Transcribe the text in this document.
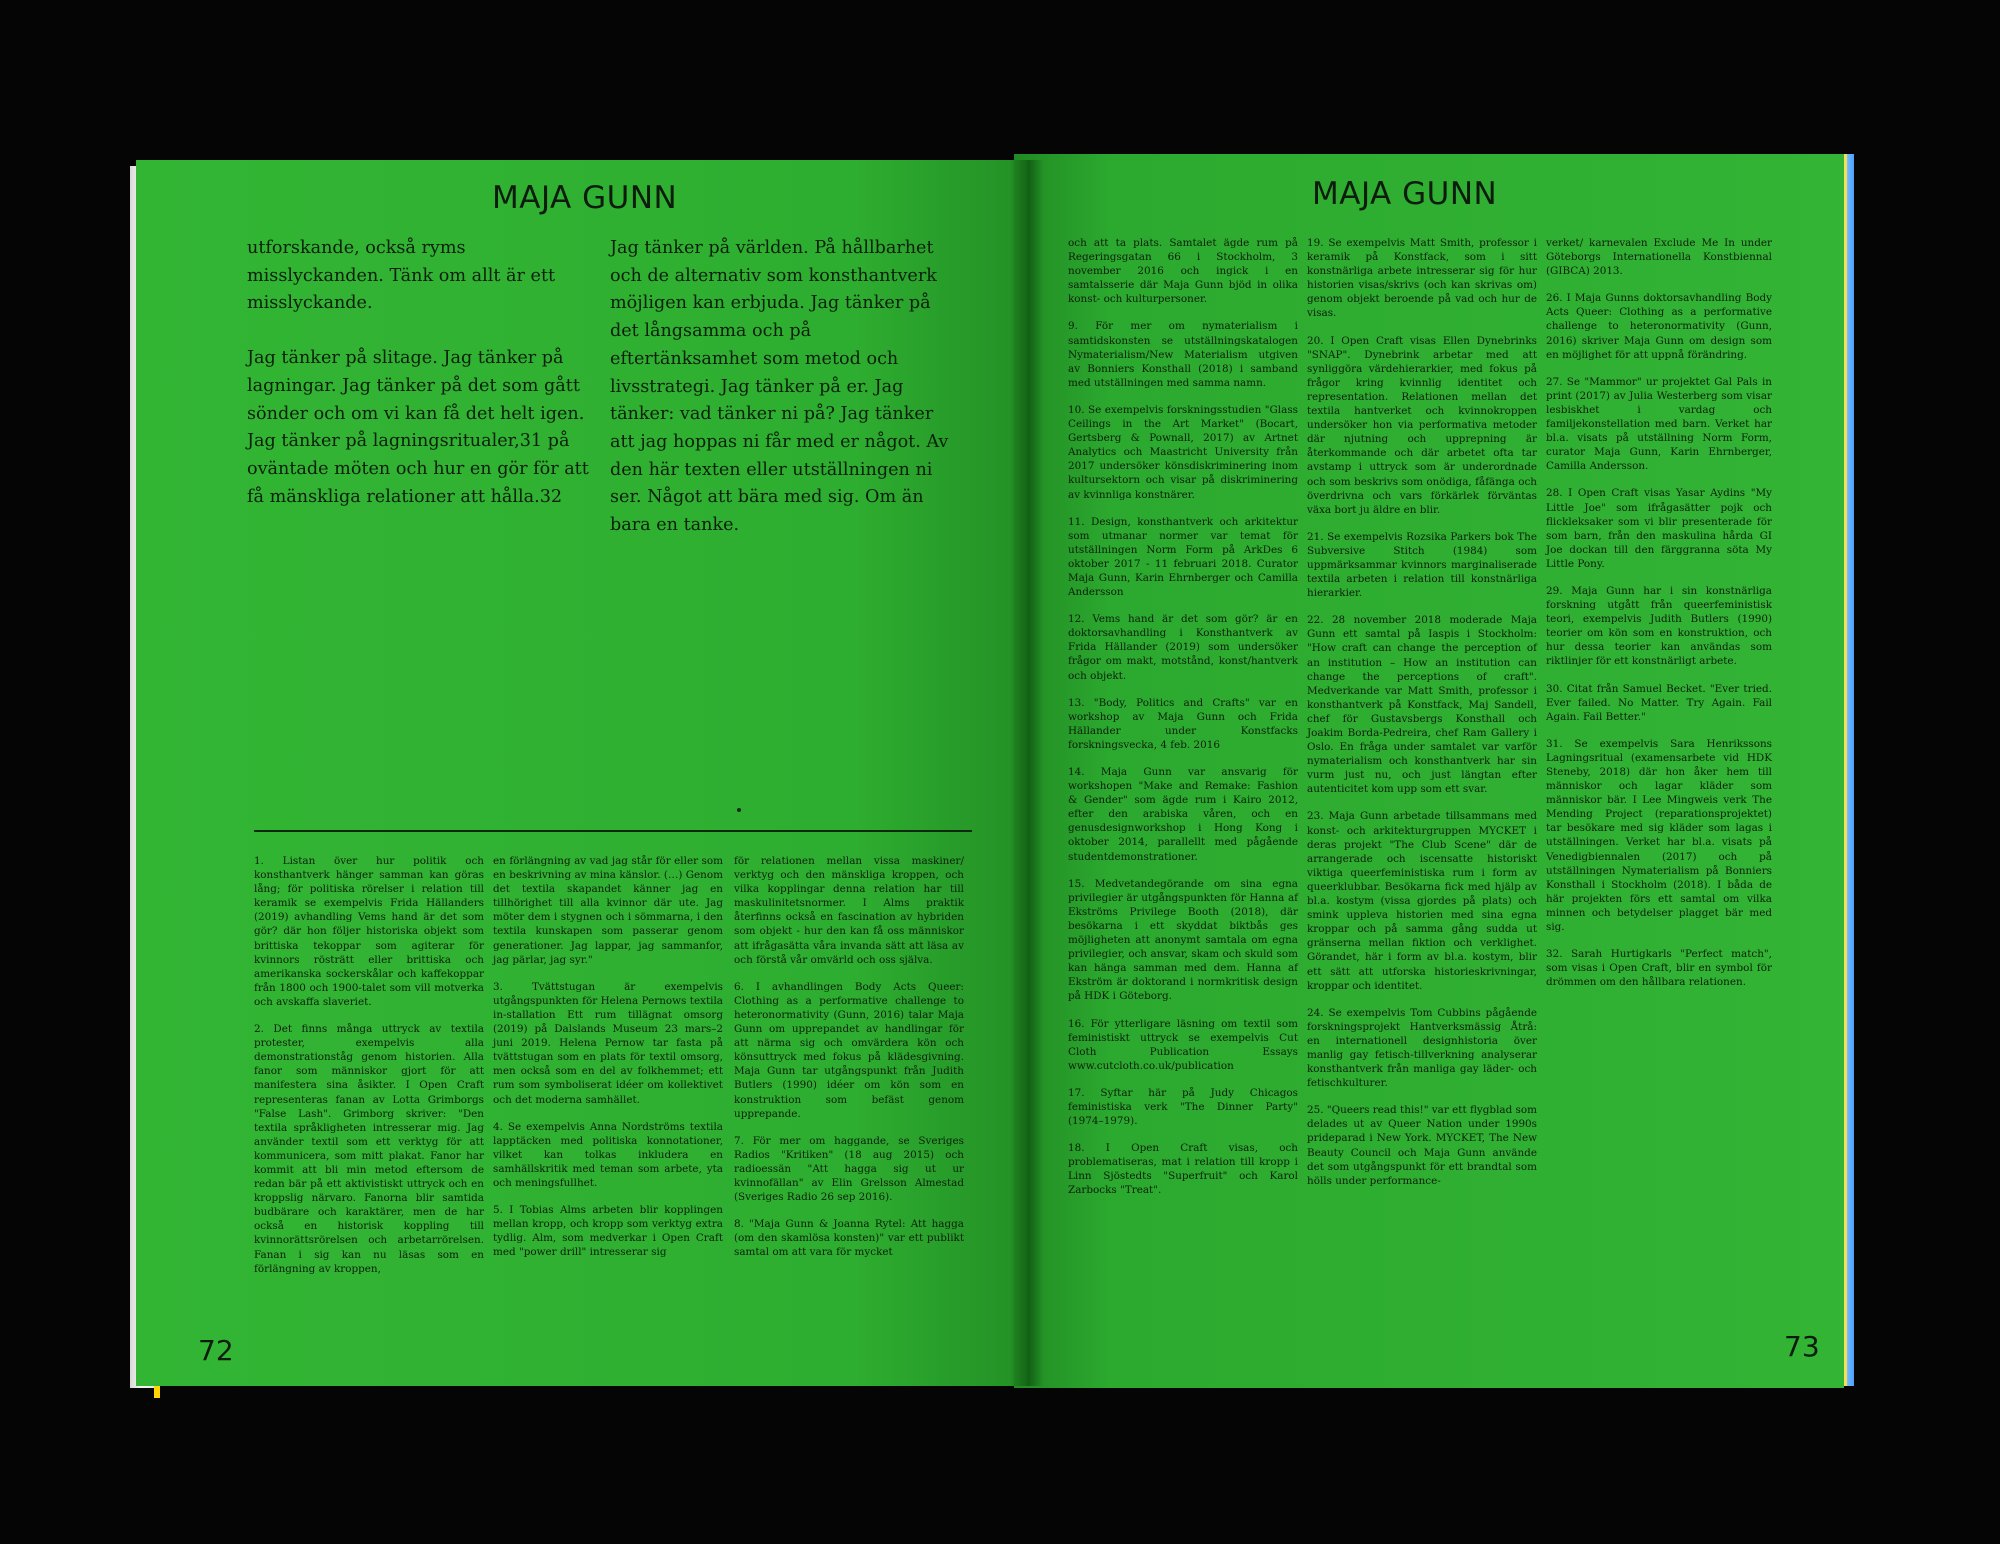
MAJA GUNN

utforskande, också ryms misslyckanden. Tänk om allt är ett misslyckande.

Jag tänker på slitage. Jag tänker på lagningar. Jag tänker på det som gått sönder och om vi kan få det helt igen. Jag tänker på lagningsritualer,31 på oväntade möten och hur en gör för att få mänskliga relationer att hålla.32

Jag tänker på världen. På hållbarhet och de alternativ som konsthantverk möjligen kan erbjuda. Jag tänker på det långsamma och på eftertänksamhet som metod och livsstrategi. Jag tänker på er. Jag tänker: vad tänker ni på? Jag tänker att jag hoppas ni får med er något. Av den här texten eller utställningen ni ser. Något att bära med sig. Om än bara en tanke.

1. Listan över hur politik och konsthantverk hänger samman kan göras lång; för politiska rörelser i relation till keramik se exempelvis Frida Hällanders (2019) avhandling Vems hand är det som gör? där hon följer historiska objekt som brittiska tekoppar som agiterar för kvinnors rösträtt eller brittiska och amerikanska sockerskålar och kaffekoppar från 1800 och 1900-talet som vill motverka och avskaffa slaveriet.

2. Det finns många uttryck av textila protester, exempelvis alla demonstrationståg genom historien. Alla fanor som människor gjort för att manifestera sina åsikter. I Open Craft representeras fanan av Lotta Grimborgs "False Lash". Grimborg skriver: "Den textila språkligheten intresserar mig. Jag använder textil som ett verktyg för att kommunicera, som mitt plakat. Fanor har kommit att bli min metod eftersom de redan bär på ett aktivistiskt uttryck och en kroppslig närvaro. Fanorna blir samtida budbärare och karaktärer, men de har också en historisk koppling till kvinnorättsrörelsen och arbetarrörelsen. Fanan i sig kan nu läsas som en förlängning av kroppen,

en förlängning av vad jag står för eller som en beskrivning av mina känslor. (…) Genom det textila skapandet känner jag en tillhörighet till alla kvinnor där ute. Jag möter dem i stygnen och i sömmarna, i den textila kunskapen som passerar genom generationer. Jag lappar, jag sammanfor, jag pärlar, jag syr."

3. Tvättstugan är exempelvis utgångspunkten för Helena Pernows textila in-stallation Ett rum tillägnat omsorg (2019) på Dalslands Museum 23 mars–2 juni 2019. Helena Pernow tar fasta på tvättstugan som en plats för textil omsorg, men också som en del av folkhemmet; ett rum som symboliserat idéer om kollektivet och det moderna samhället.

4. Se exempelvis Anna Nordströms textila lapptäcken med politiska konnotationer, vilket kan tolkas inkludera en samhällskritik med teman som arbete, yta och meningsfullhet.

5. I Tobias Alms arbeten blir kopplingen mellan kropp, och kropp som verktyg extra tydlig. Alm, som medverkar i Open Craft med "power drill" intresserar sig

för relationen mellan vissa maskiner/ verktyg och den mänskliga kroppen, och vilka kopplingar denna relation har till maskulinitetsnormer. I Alms praktik återfinns också en fascination av hybriden som objekt - hur den kan få oss människor att ifrågasätta våra invanda sätt att läsa av och förstå vår omvärld och oss själva.

6. I avhandlingen Body Acts Queer: Clothing as a performative challenge to heteronormativity (Gunn, 2016) talar Maja Gunn om upprepandet av handlingar för att närma sig och omvärdera kön och könsuttryck med fokus på klädesgivning. Maja Gunn tar utgångspunkt från Judith Butlers (1990) idéer om kön som en konstruktion som befäst genom upprepande.

7. För mer om haggande, se Sveriges Radios "Kritiken" (18 aug 2015) och radioessän "Att hagga sig ut ur kvinnofällan" av Elin Grelsson Almestad (Sveriges Radio 26 sep 2016).

8. "Maja Gunn & Joanna Rytel: Att hagga (om den skamlösa konsten)" var ett publikt samtal om att vara för mycket

72
MAJA GUNN

och att ta plats. Samtalet ägde rum på Regeringsgatan 66 i Stockholm, 3 november 2016 och ingick i en samtalsserie där Maja Gunn bjöd in olika konst- och kulturpersoner.

9. För mer om nymaterialism i samtidskonsten se utställningskatalogen Nymaterialism/New Materialism utgiven av Bonniers Konsthall (2018) i samband med utställningen med samma namn.

10. Se exempelvis forskningsstudien "Glass Ceilings in the Art Market" (Bocart, Gertsberg & Pownall, 2017) av Artnet Analytics och Maastricht University från 2017 undersöker könsdiskriminering inom kultursektorn och visar på diskriminering av kvinnliga konstnärer.

11. Design, konsthantverk och arkitektur som utmanar normer var temat för utställningen Norm Form på ArkDes 6 oktober 2017 - 11 februari 2018. Curator Maja Gunn, Karin Ehrnberger och Camilla Andersson

12. Vems hand är det som gör? är en doktorsavhandling i Konsthantverk av Frida Hällander (2019) som undersöker frågor om makt, motstånd, konst/hantverk och objekt.

13. "Body, Politics and Crafts" var en workshop av Maja Gunn och Frida Hällander under Konstfacks forskningsvecka, 4 feb. 2016

14. Maja Gunn var ansvarig för workshopen "Make and Remake: Fashion & Gender" som ägde rum i Kairo 2012, efter den arabiska våren, och en genusdesignworkshop i Hong Kong i oktober 2014, parallellt med pågående studentdemonstrationer.

15. Medvetandegörande om sina egna privilegier är utgångspunkten för Hanna af Ekströms Privilege Booth (2018), där besökarna i ett skyddat biktbås ges möjligheten att anonymt samtala om egna privilegier, och ansvar, skam och skuld som kan hänga samman med dem. Hanna af Ekström är doktorand i normkritisk design på HDK i Göteborg.

16. För ytterligare läsning om textil som feministiskt uttryck se exempelvis Cut Cloth Publication Essays www.cutcloth.co.uk/publication

17. Syftar här på Judy Chicagos feministiska verk "The Dinner Party" (1974–1979).

18. I Open Craft visas, och problematiseras, mat i relation till kropp i Linn Sjöstedts "Superfruit" och Karol Zarbocks "Treat".

19. Se exempelvis Matt Smith, professor i keramik på Konstfack, som i sitt konstnärliga arbete intresserar sig för hur historien visas/skrivs (och kan skrivas om) genom objekt beroende på vad och hur de visas.

20. I Open Craft visas Ellen Dynebrinks "SNAP". Dynebrink arbetar med att synliggöra värdehierarkier, med fokus på frågor kring kvinnlig identitet och representation. Relationen mellan det textila hantverket och kvinnokroppen undersöker hon via performativa metoder där njutning och upprepning är återkommande och där arbetet ofta tar avstamp i uttryck som är underordnade och som beskrivs som onödiga, fåfänga och överdrivna och vars förkärlek förväntas växa bort ju äldre en blir.

21. Se exempelvis Rozsika Parkers bok The Subversive Stitch (1984) som uppmärksammar kvinnors marginaliserade textila arbeten i relation till konstnärliga hierarkier.

22. 28 november 2018 moderade Maja Gunn ett samtal på Iaspis i Stockholm: "How craft can change the perception of an institution – How an institution can change the perceptions of craft". Medverkande var Matt Smith, professor i konsthantverk på Konstfack, Maj Sandell, chef för Gustavsbergs Konsthall och Joakim Borda-Pedreira, chef Ram Gallery i Oslo. En fråga under samtalet var varför nymaterialism och konsthantverk har sin vurm just nu, och just längtan efter autenticitet kom upp som ett svar.

23. Maja Gunn arbetade tillsammans med konst- och arkitekturgruppen MYCKET i deras projekt "The Club Scene" där de arrangerade och iscensatte historiskt viktiga queerfeministiska rum i form av queerklubbar. Besökarna fick med hjälp av bl.a. kostym (vissa gjordes på plats) och smink uppleva historien med sina egna kroppar och på samma gång sudda ut gränserna mellan fiktion och verklighet. Görandet, här i form av bl.a. kostym, blir ett sätt att utforska historieskrivningar, kroppar och identitet.

24. Se exempelvis Tom Cubbins pågående forskningsprojekt Hantverksmässig Åtrå: en internationell designhistoria över manlig gay fetisch-tillverkning analyserar konsthantverk från manliga gay läder- och fetischkulturer.

25. "Queers read this!" var ett flygblad som delades ut av Queer Nation under 1990s prideparad i New York. MYCKET, The New Beauty Council och Maja Gunn använde det som utgångspunkt för ett brandtal som hölls under performance-

verket/ karnevalen Exclude Me In under Göteborgs Internationella Konstbiennal (GIBCA) 2013.

26. I Maja Gunns doktorsavhandling Body Acts Queer: Clothing as a performative challenge to heteronormativity (Gunn, 2016) skriver Maja Gunn om design som en möjlighet för att uppnå förändring.

27. Se "Mammor" ur projektet Gal Pals in print (2017) av Julia Westerberg som visar lesbiskhet i vardag och familjekonstellation med barn. Verket har bl.a. visats på utställning Norm Form, curator Maja Gunn, Karin Ehrnberger, Camilla Andersson.

28. I Open Craft visas Yasar Aydins "My Little Joe" som ifrågasätter pojk och flickleksaker som vi blir presenterade för som barn, från den maskulina hårda GI Joe dockan till den färggranna söta My Little Pony.

29. Maja Gunn har i sin konstnärliga forskning utgått från queerfeministisk teori, exempelvis Judith Butlers (1990) teorier om kön som en konstruktion, och hur dessa teorier kan användas som riktlinjer för ett konstnärligt arbete.

30. Citat från Samuel Becket. "Ever tried. Ever failed. No Matter. Try Again. Fail Again. Fail Better."

31. Se exempelvis Sara Henrikssons Lagningsritual (examensarbete vid HDK Steneby, 2018) där hon åker hem till människor och lagar kläder som människor bär. I Lee Mingweis verk The Mending Project (reparationsprojektet) tar besökare med sig kläder som lagas i utställningen. Verket har bl.a. visats på Venedigbiennalen (2017) och på utställningen Nymaterialism på Bonniers Konsthall i Stockholm (2018). I båda de här projekten förs ett samtal om vilka minnen och betydelser plagget bär med sig.

32. Sarah Hurtigkarls "Perfect match", som visas i Open Craft, blir en symbol för drömmen om den hållbara relationen.

73
